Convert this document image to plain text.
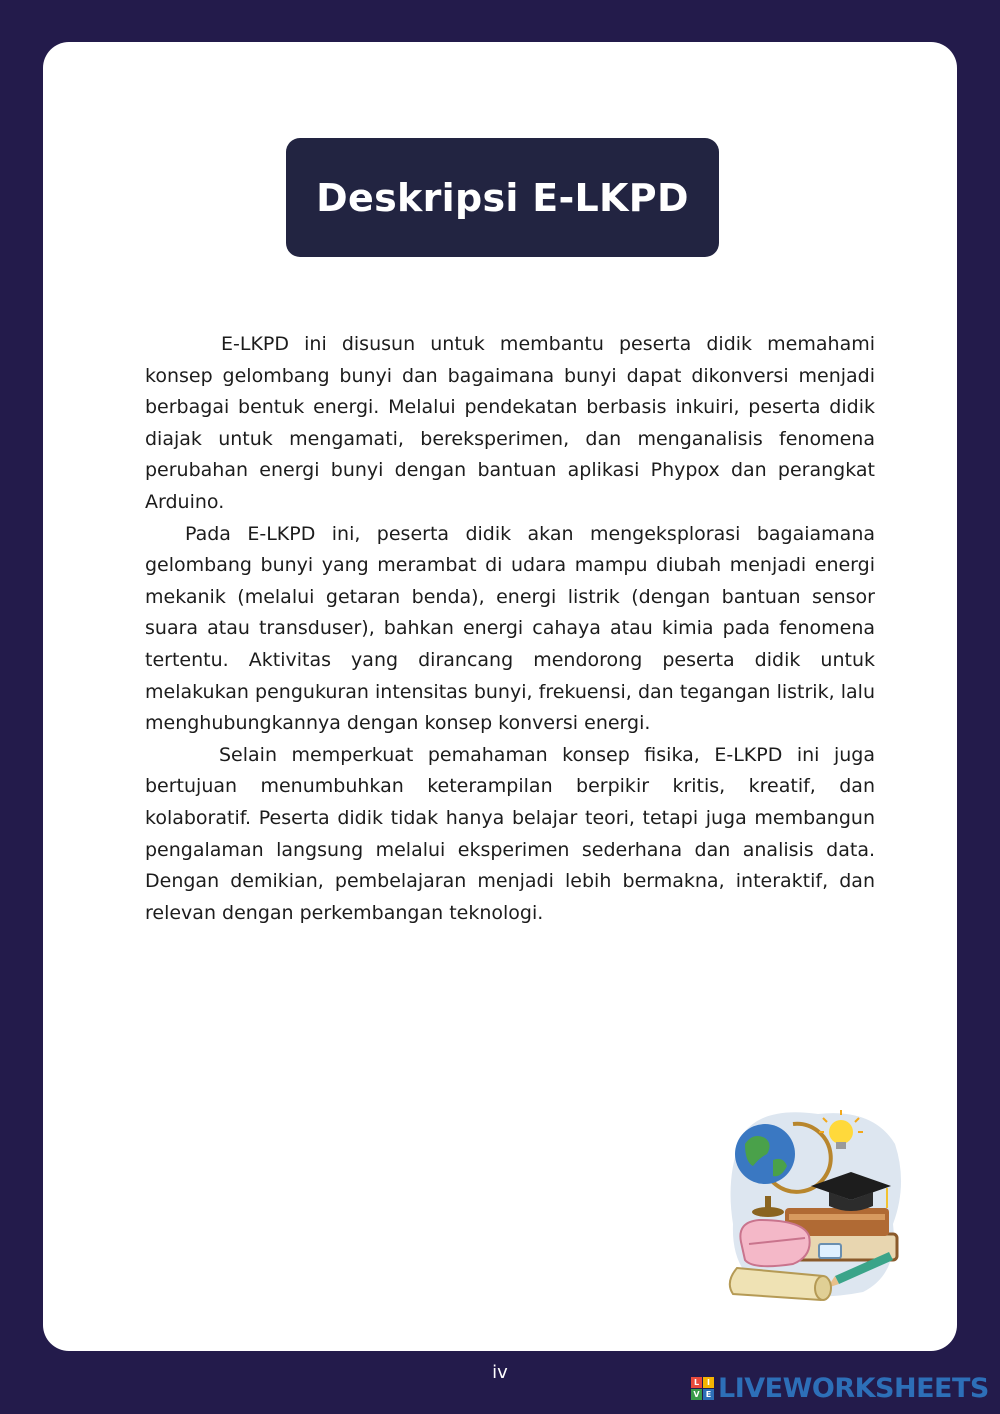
Deskripsi E-LKPD

E-LKPD ini disusun untuk membantu peserta didik memahami konsep gelombang bunyi dan bagaimana bunyi dapat dikonversi menjadi berbagai bentuk energi. Melalui pendekatan berbasis inkuiri, peserta didik diajak untuk mengamati, bereksperimen, dan menganalisis fenomena perubahan energi bunyi dengan bantuan aplikasi Phypox dan perangkat Arduino.

Pada E-LKPD ini, peserta didik akan mengeksplorasi bagaiamana gelombang bunyi yang merambat di udara mampu diubah menjadi energi mekanik (melalui getaran benda), energi listrik (dengan bantuan sensor suara atau transduser), bahkan energi cahaya atau kimia pada fenomena tertentu. Aktivitas yang dirancang mendorong peserta didik untuk melakukan pengukuran intensitas bunyi, frekuensi, dan tegangan listrik, lalu menghubungkannya dengan konsep konversi energi.

Selain memperkuat pemahaman konsep fisika, E-LKPD ini juga bertujuan menumbuhkan keterampilan berpikir kritis, kreatif, dan kolaboratif. Peserta didik tidak hanya belajar teori, tetapi juga membangun pengalaman langsung melalui eksperimen sederhana dan analisis data. Dengan demikian, pembelajaran menjadi lebih bermakna, interaktif, dan relevan dengan perkembangan teknologi.

iv	L I
V E LIVEWORKSHEETS
